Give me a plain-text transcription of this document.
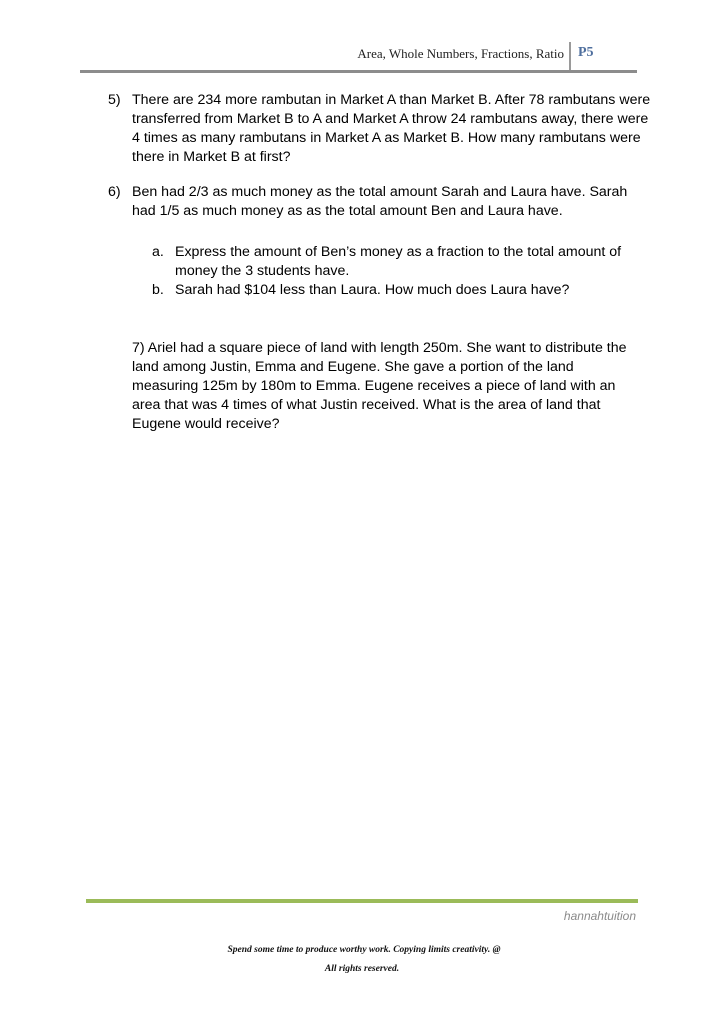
Area, Whole Numbers, Fractions, Ratio P5
5) There are 234 more rambutan in Market A than Market B. After 78 rambutans were transferred from Market B to A and Market A throw 24 rambutans away, there were 4 times as many rambutans in Market A as Market B. How many rambutans were there in Market B at first?
6) Ben had 2/3 as much money as the total amount Sarah and Laura have. Sarah had 1/5 as much money as as the total amount Ben and Laura have.
a. Express the amount of Ben’s money as a fraction to the total amount of money the 3 students have.
b. Sarah had $104 less than Laura. How much does Laura have?
7) Ariel had a square piece of land with length 250m. She want to distribute the land among Justin, Emma and Eugene. She gave a portion of the land measuring 125m by 180m to Emma. Eugene receives a piece of land with an area that was 4 times of what Justin received. What is the area of land that Eugene would receive?
hannahtuition
Spend some time to produce worthy work. Copying limits creativity. @
All rights reserved.
